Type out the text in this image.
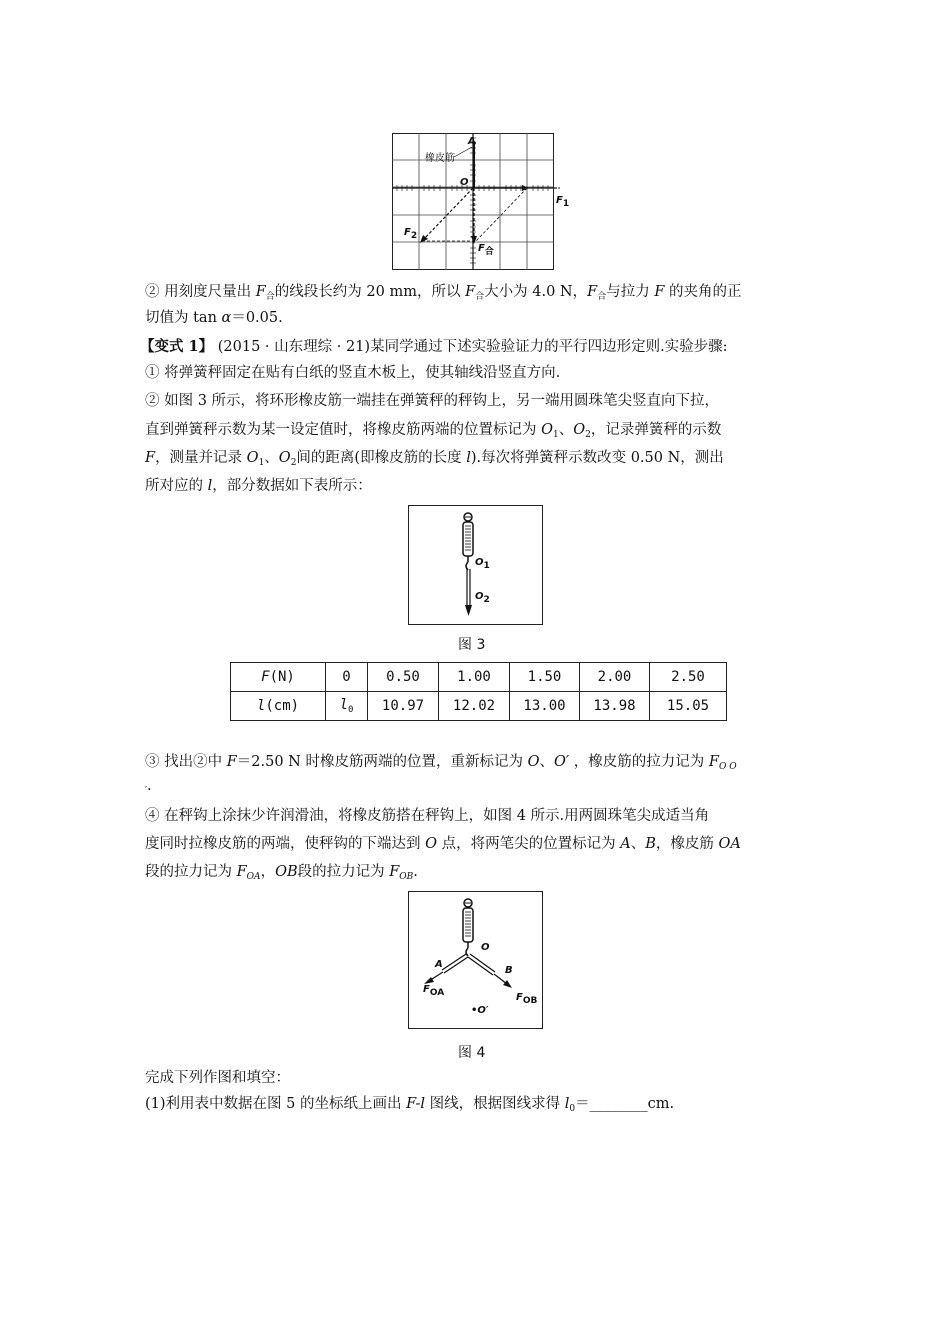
A
橡皮筋
O
$F_1$
$F_2$
$F_合$
② 用刻度尺量出 $F_合$的线段长约为 20 mm，所以 $F_合$大小为 4.0 N，$F_合$与拉力 F 的夹角的正
切值为 tan α＝0.05.
【变式 1】 (2015 · 山东理综 · 21)某同学通过下述实验验证力的平行四边形定则.实验步骤:
① 将弹簧秤固定在贴有白纸的竖直木板上，使其轴线沿竖直方向.
② 如图 3 所示，将环形橡皮筋一端挂在弹簧秤的秤钩上，另一端用圆珠笔尖竖直向下拉，
直到弹簧秤示数为某一设定值时，将橡皮筋两端的位置标记为 $O_1$、$O_2$，记录弹簧秤的示数
F，测量并记录 $O_1$、$O_2$间的距离(即橡皮筋的长度 l).每次将弹簧秤示数改变 0.50 N，测出
所对应的 l，部分数据如下表所示：
$O_1$
$O_2$
图 3
F(N)	0	0.50	1.00	1.50	2.00	2.50
l(cm)	$l_0$	10.97	12.02	13.00	13.98	15.05
③ 找出②中 F＝2.50 N 时橡皮筋两端的位置，重新标记为 O、O′ ，橡皮筋的拉力记为 $F_{O O}$
$'$.
④ 在秤钩上涂抹少许润滑油，将橡皮筋搭在秤钩上，如图 4 所示.用两圆珠笔尖成适当角
度同时拉橡皮筋的两端，使秤钩的下端达到 O 点，将两笔尖的位置标记为 A、B，橡皮筋 OA
段的拉力记为 $F_{OA}$，OB段的拉力记为 $F_{OB}$.
O
A
B
$F_{OA}$	$F_{OB}$
•O′
图 4
完成下列作图和填空：
(1)利用表中数据在图 5 的坐标纸上画出 F-l 图线，根据图线求得 $l_0=\_\_\_\_\_\_\_\_cm$.
